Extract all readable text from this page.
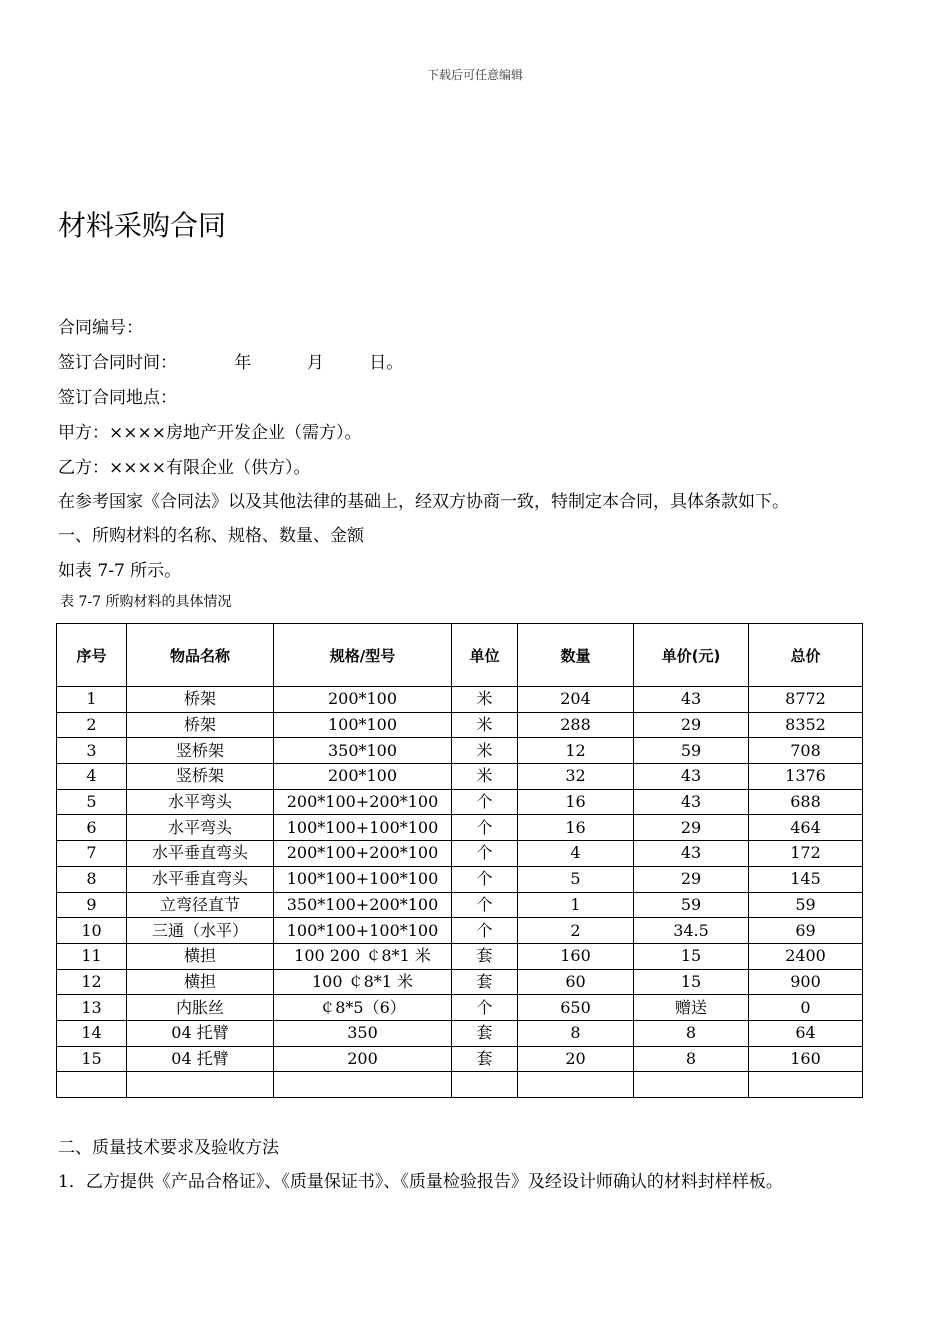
下载后可任意编辑
材料采购合同
合同编号：
签订合同时间：	年	月	日。
签订合同地点：
甲方：××××房地产开发企业（需方）。
乙方：××××有限企业（供方）。
在参考国家《合同法》以及其他法律的基础上，经双方协商一致，特制定本合同，具体条款如下。
一、所购材料的名称、规格、数量、金额
如表 7-7 所示。
表 7-7 所购材料的具体情况
序号	物品名称	规格/型号	单位	数量	单价(元)	总价
1	桥架	200*100	米	204	43	8772
2	桥架	100*100	米	288	29	8352
3	竖桥架	350*100	米	12	59	708
4	竖桥架	200*100	米	32	43	1376
5	水平弯头	200*100+200*100	个	16	43	688
6	水平弯头	100*100+100*100	个	16	29	464
7	水平垂直弯头	200*100+200*100	个	4	43	172
8	水平垂直弯头	100*100+100*100	个	5	29	145
9	立弯径直节	350*100+200*100	个	1	59	59
10	三通（水平）	100*100+100*100	个	2	34.5	69
11	横担	100 200 ￠8*1 米	套	160	15	2400
12	横担	100 ￠8*1 米	套	60	15	900
13	内胀丝	￠8*5（6）	个	650	赠送	0
14	04 托臂	350	套	8	8	64
15	04 托臂	200	套	20	8	160

二、质量技术要求及验收方法
1．乙方提供《产品合格证》、《质量保证书》、《质量检验报告》及经设计师确认的材料封样样板。
